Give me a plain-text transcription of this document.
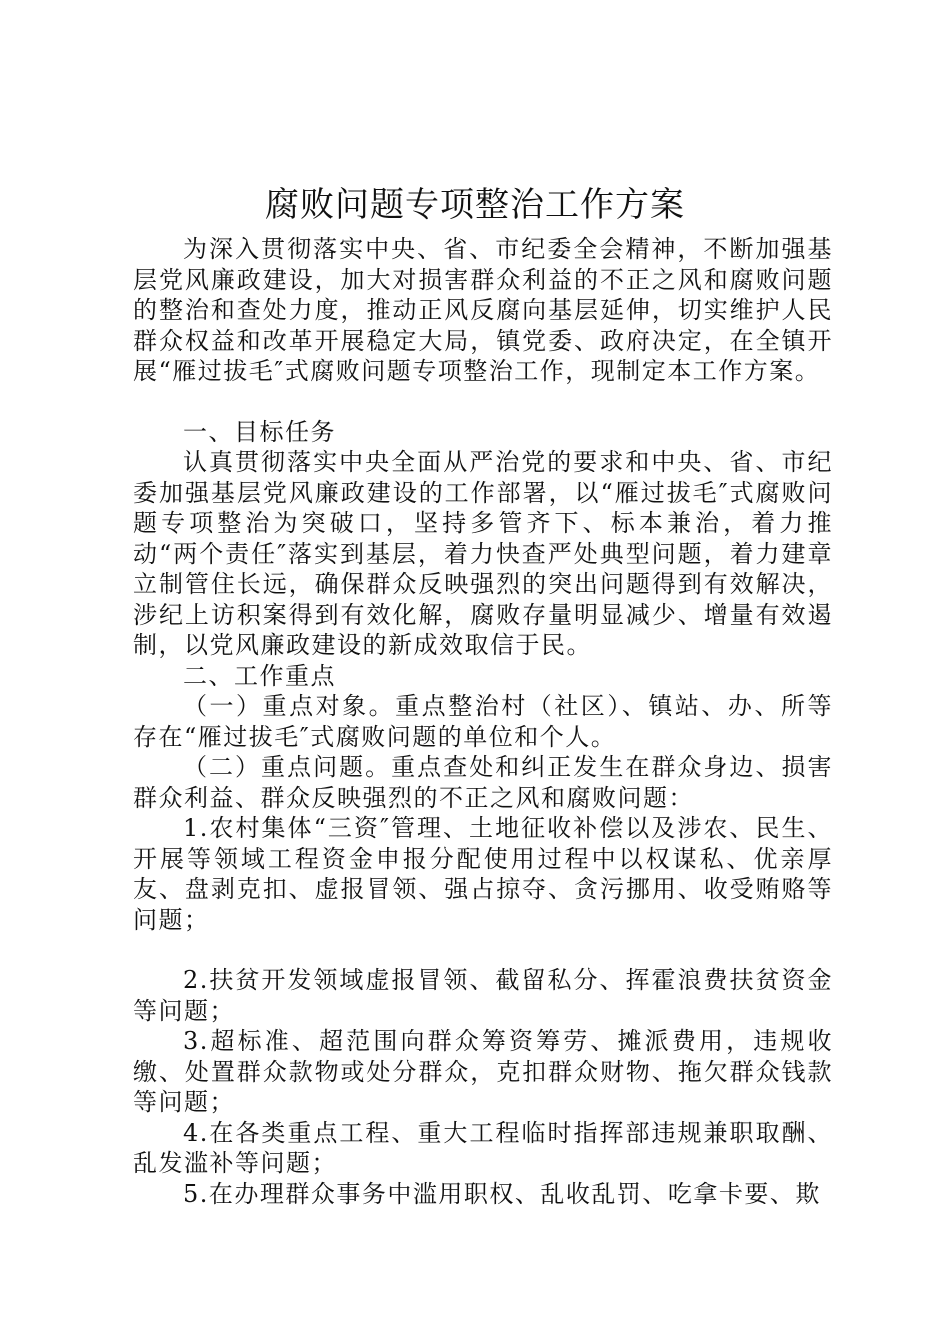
腐败问题专项整治工作方案

为深入贯彻落实中央、省、市纪委全会精神，不断加强基层党风廉政建设，加大对损害群众利益的不正之风和腐败问题的整治和查处力度，推动正风反腐向基层延伸，切实维护人民群众权益和改革开展稳定大局，镇党委、政府决定，在全镇开展“雁过拔毛″式腐败问题专项整治工作，现制定本工作方案。

一、目标任务

认真贯彻落实中央全面从严治党的要求和中央、省、市纪委加强基层党风廉政建设的工作部署，以“雁过拔毛″式腐败问题专项整治为突破口，坚持多管齐下、标本兼治，着力推动“两个责任″落实到基层，着力快查严处典型问题，着力建章立制管住长远，确保群众反映强烈的突出问题得到有效解决，涉纪上访积案得到有效化解，腐败存量明显减少、增量有效遏制，以党风廉政建设的新成效取信于民。

二、工作重点

（一）重点对象。重点整治村（社区）、镇站、办、所等存在“雁过拔毛″式腐败问题的单位和个人。

（二）重点问题。重点查处和纠正发生在群众身边、损害群众利益、群众反映强烈的不正之风和腐败问题：

1.农村集体“三资″管理、土地征收补偿以及涉农、民生、开展等领域工程资金申报分配使用过程中以权谋私、优亲厚友、盘剥克扣、虚报冒领、强占掠夺、贪污挪用、收受贿赂等问题；

2.扶贫开发领域虚报冒领、截留私分、挥霍浪费扶贫资金等问题；

3.超标准、超范围向群众筹资筹劳、摊派费用，违规收缴、处置群众款物或处分群众，克扣群众财物、拖欠群众钱款等问题；

4.在各类重点工程、重大工程临时指挥部违规兼职取酬、乱发滥补等问题；

5.在办理群众事务中滥用职权、乱收乱罚、吃拿卡要、欺
